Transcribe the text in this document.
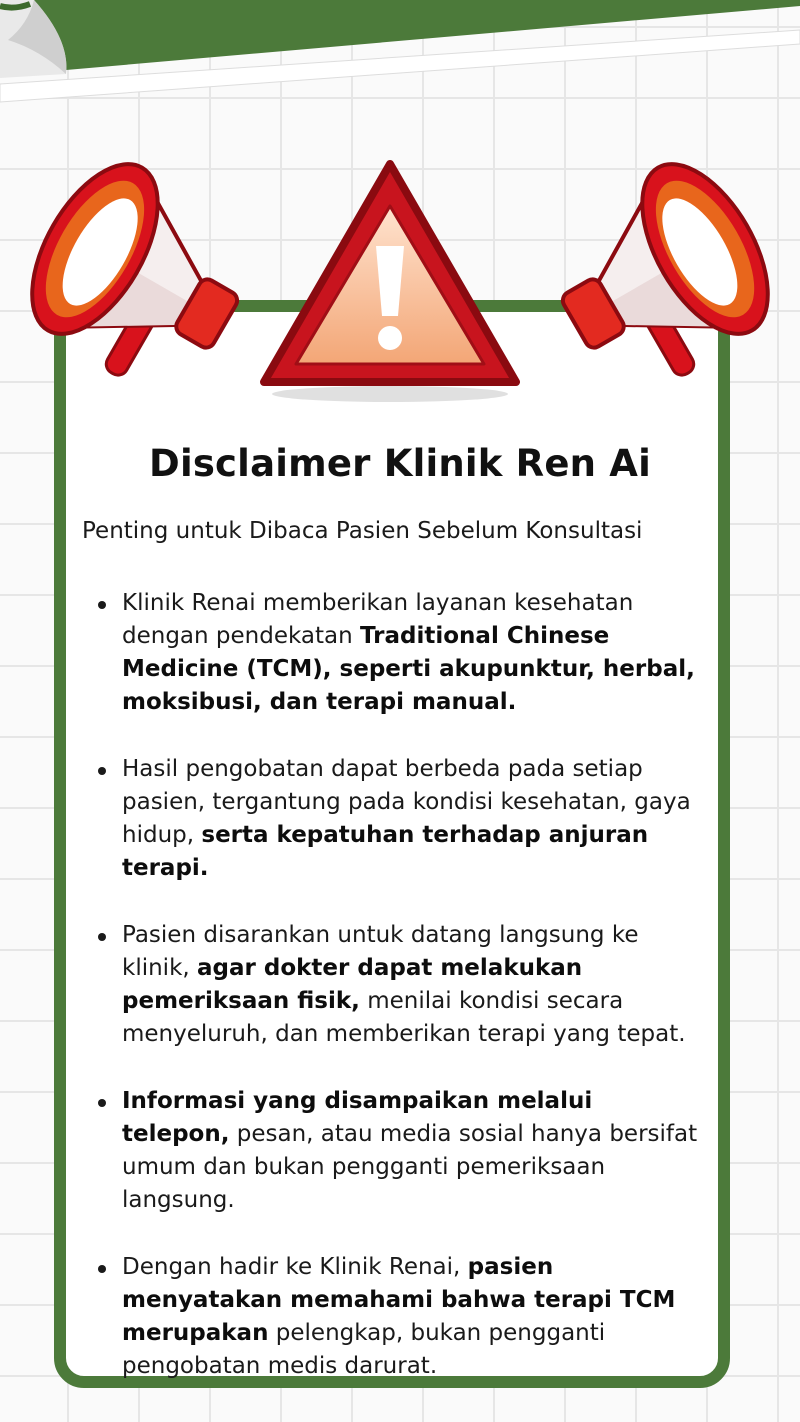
Disclaimer Klinik Ren Ai

Penting untuk Dibaca Pasien Sebelum Konsultasi

Klinik Renai memberikan layanan kesehatan dengan pendekatan Traditional Chinese Medicine (TCM), seperti akupunktur, herbal, moksibusi, dan terapi manual.
Hasil pengobatan dapat berbeda pada setiap pasien, tergantung pada kondisi kesehatan, gaya hidup, serta kepatuhan terhadap anjuran terapi.
Pasien disarankan untuk datang langsung ke klinik, agar dokter dapat melakukan pemeriksaan fisik, menilai kondisi secara menyeluruh, dan memberikan terapi yang tepat.
Informasi yang disampaikan melalui telepon, pesan, atau media sosial hanya bersifat umum dan bukan pengganti pemeriksaan langsung.
Dengan hadir ke Klinik Renai, pasien menyatakan memahami bahwa terapi TCM merupakan pelengkap, bukan pengganti pengobatan medis darurat.
